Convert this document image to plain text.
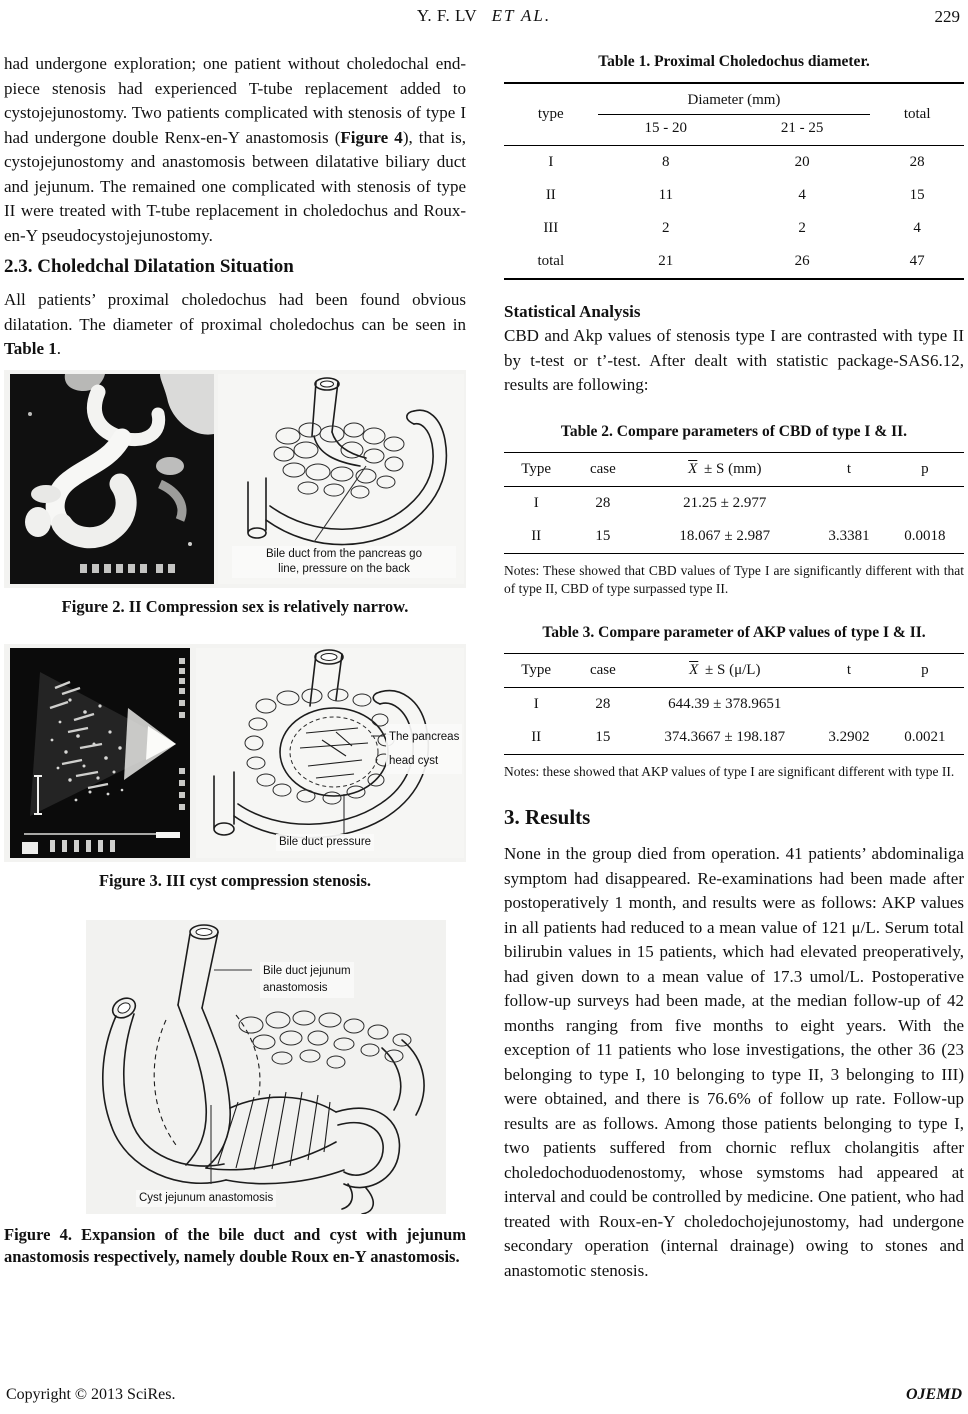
Y. F. LV ET AL.	229

had undergone exploration; one patient without choledochal end-piece stenosis had experienced T-tube replacement added to cystojejunostomy. Two patients complicated with stenosis of type I had undergone double Renx-en-Y anastomosis (Figure 4), that is, cystojejunostomy and anastomosis between dilatative biliary duct and jejunum. The remained one complicated with stenosis of type II were treated with T-tube replacement in choledochus and Roux-en-Y pseudocystojejunostomy.

2.3. Choledchal Dilatation Situation

All patients’ proximal choledochus had been found obvious dilatation. The diameter of proximal choledochus can be seen in Table 1.

Bile duct from the pancreas go
line, pressure on the back
Figure 2. II Compression sex is relatively narrow.
The pancreas
head cyst
Bile duct pressure
Figure 3. III cyst compression stenosis.
Bile duct jejunum
anastomosis
Cyst jejunum anastomosis
Figure 4. Expansion of the bile duct and cyst with jejunum anastomosis respectively, namely double Roux en-Y anastomosis.
Table 1. Proximal Choledochus diameter.
type	Diameter (mm)		total
	15 - 20	21 - 25	
I	8	20	28
II	11	4	15
III	2	2	4
total	21	26	47
Statistical Analysis

CBD and Akp values of stenosis type I are contrasted with type II by t-test or t’-test. After dealt with statistic package-SAS6.12, results are following:

Table 2. Compare parameters of CBD of type I & II.
Type	case	$\overline{X} \pm S$ (mm)	t	p
I	28	21.25 ± 2.977		
II	15	18.067 ± 2.987	3.3381	0.0018

Notes: These showed that CBD values of Type I are significantly different with that of type II, CBD of type surpassed type II.

Table 3. Compare parameter of AKP values of type I & II.
Type	case	$\overline{X} \pm S$ (μ/L)	t	p
I	28	644.39 ± 378.9651		
II	15	374.3667 ± 198.187	3.2902	0.0021

Notes: these showed that AKP values of type I are significant different with type II.

3. Results

None in the group died from operation. 41 patients’ abdominaliga symptom had disappeared. Re-examinations had been made after postoperatively 1 month, and results were as follows: AKP values in all patients had reduced to a mean value of 121 μ/L. Serum total bilirubin values in 15 patients, which had elevated preoperatively, had given down to a mean value of 17.3 umol/L. Postoperative follow-up surveys had been made, at the median follow-up of 42 months ranging from five months to eight years. With the exception of 11 patients who lose investigations, the other 36 (23 belonging to type I, 10 belonging to type II, 3 belonging to III) were obtained, and there is 76.6% of follow up rate. Follow-up results are as follows. Among those patients belonging to type I, two patients suffered from chornic reflux cholangitis after choledochoduodenostomy, whose symstoms had appeared at interval and could be controlled by medicine. One patient, who had treated with Roux-en-Y choledochojejunostomy, had undergone secondary operation (internal drainage) owing to stones and anastomotic stenosis.

Copyright © 2013 SciRes.	OJEMD
